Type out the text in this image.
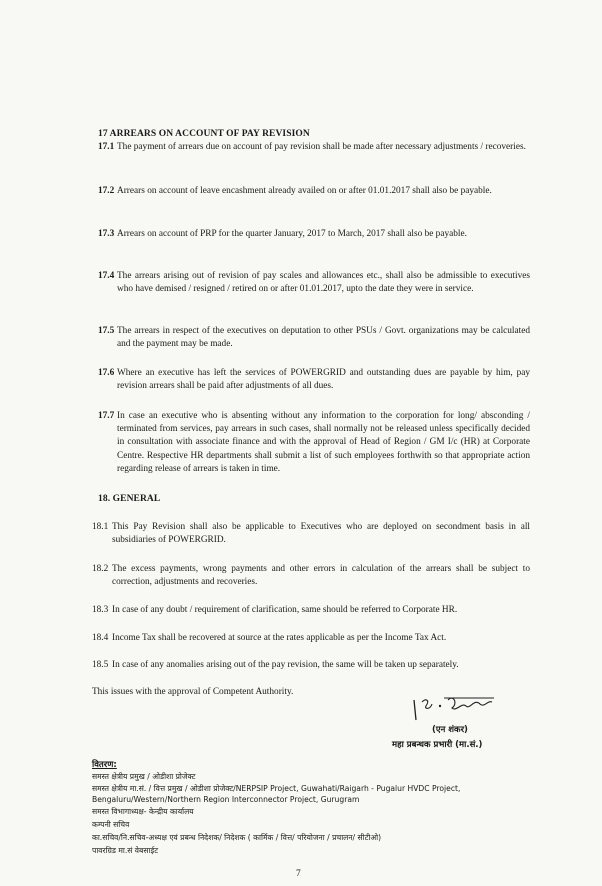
17 ARREARS ON ACCOUNT OF PAY REVISION
17.1 The payment of arrears due on account of pay revision shall be made after necessary adjustments / recoveries.
17.2 Arrears on account of leave encashment already availed on or after 01.01.2017 shall also be payable.
17.3 Arrears on account of PRP for the quarter January, 2017 to March, 2017 shall also be payable.
17.4 The arrears arising out of revision of pay scales and allowances etc., shall also be admissible to executives who have demised / resigned / retired on or after 01.01.2017, upto the date they were in service.
17.5 The arrears in respect of the executives on deputation to other PSUs / Govt. organizations may be calculated and the payment may be made.
17.6 Where an executive has left the services of POWERGRID and outstanding dues are payable by him, pay revision arrears shall be paid after adjustments of all dues.
17.7 In case an executive who is absenting without any information to the corporation for long/ absconding / terminated from services, pay arrears in such cases, shall normally not be released unless specifically decided in consultation with associate finance and with the approval of Head of Region / GM I/c (HR) at Corporate Centre. Respective HR departments shall submit a list of such employees forthwith so that appropriate action regarding release of arrears is taken in time.
18. GENERAL
18.1 This Pay Revision shall also be applicable to Executives who are deployed on secondment basis in all subsidiaries of POWERGRID.
18.2 The excess payments, wrong payments and other errors in calculation of the arrears shall be subject to correction, adjustments and recoveries.
18.3 In case of any doubt / requirement of clarification, same should be referred to Corporate HR.
18.4 Income Tax shall be recovered at source at the rates applicable as per the Income Tax Act.
18.5 In case of any anomalies arising out of the pay revision, the same will be taken up separately.
This issues with the approval of Competent Authority.
(एन शंकर)
महा प्रबन्धक प्रभारी (मा.सं.)
वितरण:
समस्त क्षेत्रीय प्रमुख / ओडीशा प्रोजेक्ट
समस्त क्षेत्रीय मा.सं. / वित्त प्रमुख / ओडीशा प्रोजेक्ट/NERPSIP Project, Guwahati/Raigarh - Pugalur HVDC Project, Bengaluru/Western/Northern Region Interconnector Project, Gurugram
समस्त विभागाध्यक्ष- केन्द्रीय कार्यालय
कम्पनी सचिव
का.सचिव/नि.सचिव-अध्यक्ष एवं प्रबन्ध निदेशक/ निदेशक ( कार्मिक / वित्त/ परियोजना / प्रचालन/ सीटीओ)
पावरग्रिड मा.सं वेबसाईट
7
